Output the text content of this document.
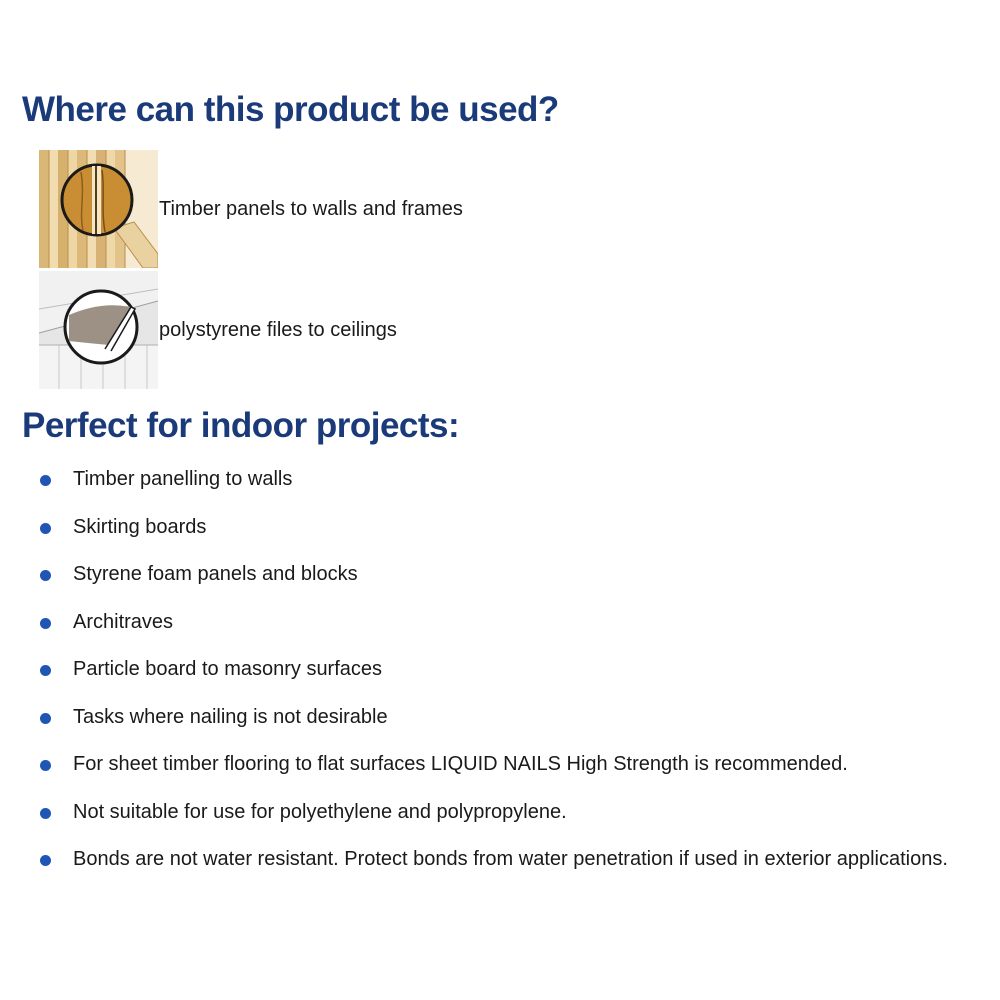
Where can this product be used?
Timber panels to walls and frames
polystyrene files to ceilings
Perfect for indoor projects:
Timber panelling to walls
Skirting boards
Styrene foam panels and blocks
Architraves
Particle board to masonry surfaces
Tasks where nailing is not desirable
For sheet timber flooring to flat surfaces LIQUID NAILS High Strength is recommended.
Not suitable for use for polyethylene and polypropylene.
Bonds are not water resistant. Protect bonds from water penetration if used in exterior applications.
